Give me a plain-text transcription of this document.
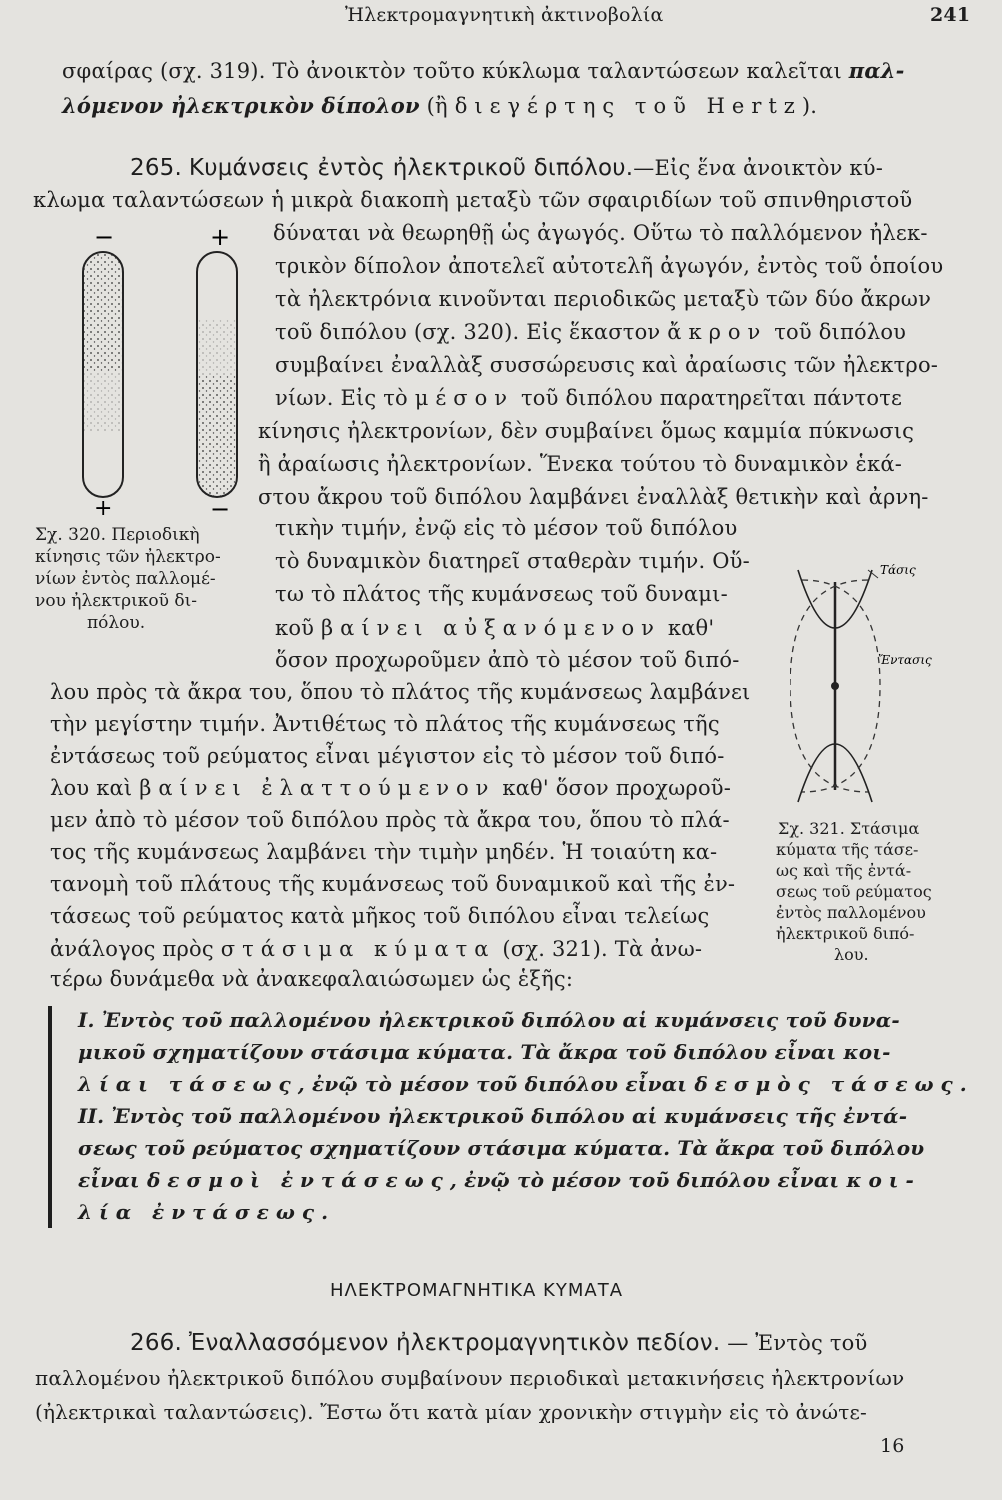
Ἠλεκτρομαγνητικὴ ἀκτινοβολία	241
σφαίρας (σχ. 319). Τὸ ἀνοικτὸν τοῦτο κύκλωμα ταλαντώσεων καλεῖται παλ-
λόμενον ἠλεκτρικὸν δίπολον (ἢ διεγέρτης τοῦ Hertz).
265. Κυμάνσεις ἐντὸς ἠλεκτρικοῦ διπόλου.—Εἰς ἕνα ἀνοικτὸν κύ-
κλωμα ταλαντώσεων ἡ μικρὰ διακοπὴ μεταξὺ τῶν σφαιριδίων τοῦ σπινθηριστοῦ
δύναται νὰ θεωρηθῇ ὡς ἀγωγός. Οὕτω τὸ παλλόμενον ἠλεκ-
τρικὸν δίπολον ἀποτελεῖ αὐτοτελῆ ἀγωγόν, ἐντὸς τοῦ ὁποίου
τὰ ἠλεκτρόνια κινοῦνται περιοδικῶς μεταξὺ τῶν δύο ἄκρων
τοῦ διπόλου (σχ. 320). Εἰς ἕκαστον ἄκρον τοῦ διπόλου
συμβαίνει ἐναλλὰξ συσσώρευσις καὶ ἀραίωσις τῶν ἠλεκτρο-
νίων. Εἰς τὸ μέσον τοῦ διπόλου παρατηρεῖται πάντοτε
κίνησις ἠλεκτρονίων, δὲν συμβαίνει ὅμως καμμία πύκνωσις
ἢ ἀραίωσις ἠλεκτρονίων. Ἕνεκα τούτου τὸ δυναμικὸν ἑκά-
στου ἄκρου τοῦ διπόλου λαμβάνει ἐναλλὰξ θετικὴν καὶ ἀρνη-
τικὴν τιμήν, ἐνῷ εἰς τὸ μέσον τοῦ διπόλου
τὸ δυναμικὸν διατηρεῖ σταθερὰν τιμήν. Οὕ-
τω τὸ πλάτος τῆς κυμάνσεως τοῦ δυναμι-
κοῦ βαίνει αὐξανόμενον καθ'
ὅσον προχωροῦμεν ἀπὸ τὸ μέσον τοῦ διπό-
λου πρὸς τὰ ἄκρα του, ὅπου τὸ πλάτος τῆς κυμάνσεως λαμβάνει
τὴν μεγίστην τιμήν. Ἀντιθέτως τὸ πλάτος τῆς κυμάνσεως τῆς
ἐντάσεως τοῦ ρεύματος εἶναι μέγιστον εἰς τὸ μέσον τοῦ διπό-
λου καὶ βαίνει ἐλαττούμενον καθ' ὅσον προχωροῦ-
μεν ἀπὸ τὸ μέσον τοῦ διπόλου πρὸς τὰ ἄκρα του, ὅπου τὸ πλά-
τος τῆς κυμάνσεως λαμβάνει τὴν τιμὴν μηδέν. Ἡ τοιαύτη κα-
τανομὴ τοῦ πλάτους τῆς κυμάνσεως τοῦ δυναμικοῦ καὶ τῆς ἐν-
τάσεως τοῦ ρεύματος κατὰ μῆκος τοῦ διπόλου εἶναι τελείως
ἀνάλογος πρὸς στάσιμα κύματα (σχ. 321). Τὰ ἀνω-
τέρω δυνάμεθα νὰ ἀνακεφαλαιώσωμεν ὡς ἑξῆς:
−	+
+	−
Σχ. 320. Περιοδικὴ
κίνησις τῶν ἠλεκτρο-
νίων ἐντὸς παλλομέ-
νου ἠλεκτρικοῦ δι-
πόλου.
Τάσις
Ἔντασις
Σχ. 321. Στάσιμα
κύματα τῆς τάσε-
ως καὶ τῆς ἐντά-
σεως τοῦ ρεύματος
ἐντὸς παλλομένου
ἠλεκτρικοῦ διπό-
λου.
Ι. Ἐντὸς τοῦ παλλομένου ἠλεκτρικοῦ διπόλου αἱ κυμάνσεις τοῦ δυνα-
μικοῦ σχηματίζουν στάσιμα κύματα. Τὰ ἄκρα τοῦ διπόλου εἶναι κοι-
λίαι τάσεως, ἐνῷ τὸ μέσον τοῦ διπόλου εἶναι δεσμὸς τάσεως.
ΙΙ. Ἐντὸς τοῦ παλλομένου ἠλεκτρικοῦ διπόλου αἱ κυμάνσεις τῆς ἐντά-
σεως τοῦ ρεύματος σχηματίζουν στάσιμα κύματα. Τὰ ἄκρα τοῦ διπόλου
εἶναι δεσμοὶ ἐντάσεως, ἐνῷ τὸ μέσον τοῦ διπόλου εἶναι κοι-
λία ἐντάσεως.
ΗΛΕΚΤΡΟΜΑΓΝΗΤΙΚΑ ΚΥΜΑΤΑ
266. Ἐναλλασσόμενον ἠλεκτρομαγνητικὸν πεδίον. — Ἐντὸς τοῦ
παλλομένου ἠλεκτρικοῦ διπόλου συμβαίνουν περιοδικαὶ μετακινήσεις ἠλεκτρονίων
(ἠλεκτρικαὶ ταλαντώσεις). Ἔστω ὅτι κατὰ μίαν χρονικὴν στιγμὴν εἰς τὸ ἀνώτε-
16
